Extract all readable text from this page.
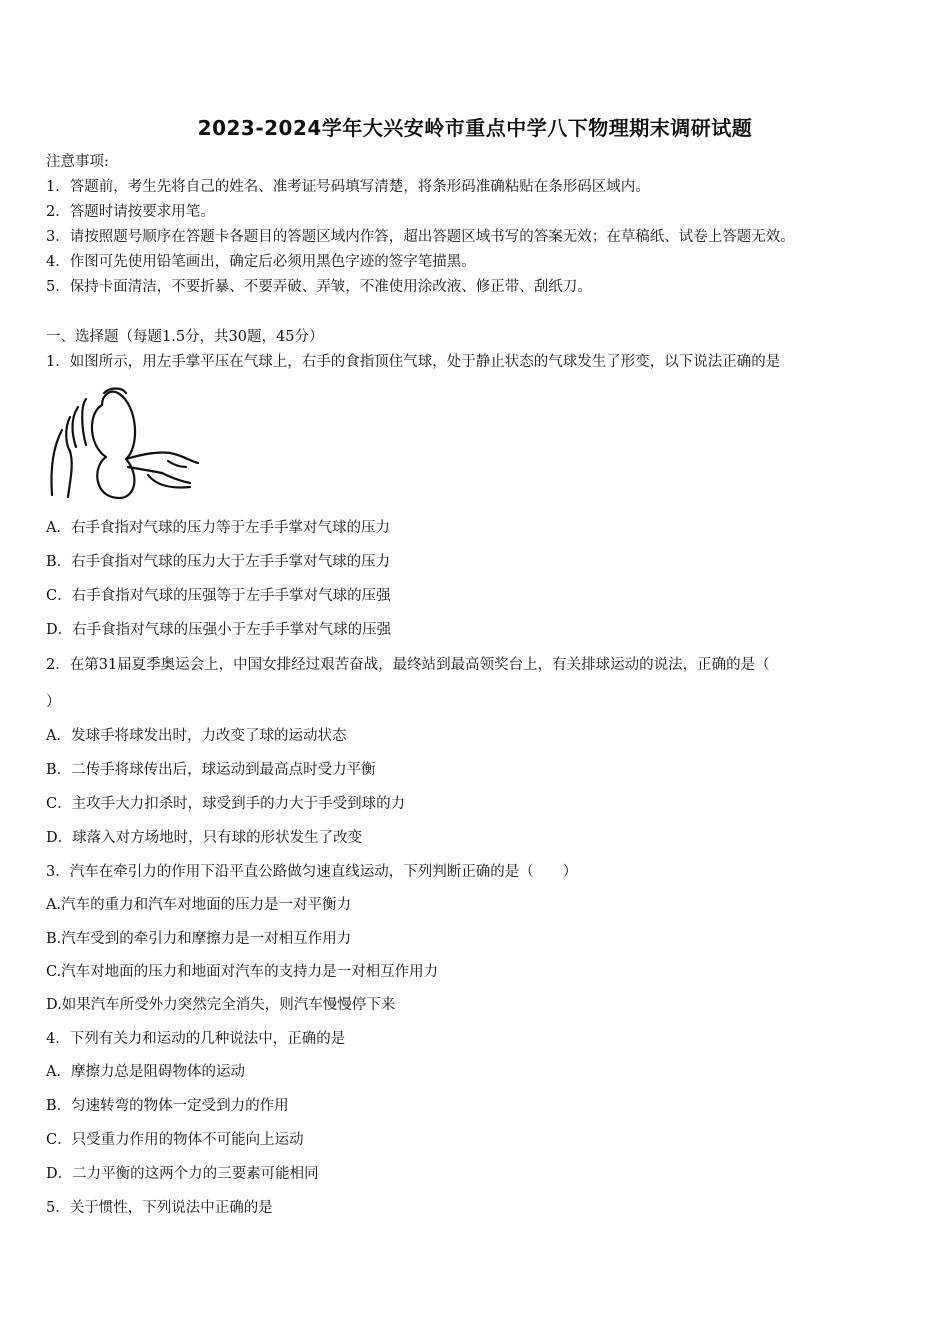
2023-2024学年大兴安岭市重点中学八下物理期末调研试题
注意事项:
1．答题前，考生先将自己的姓名、准考证号码填写清楚，将条形码准确粘贴在条形码区域内。
2．答题时请按要求用笔。
3．请按照题号顺序在答题卡各题目的答题区域内作答，超出答题区域书写的答案无效；在草稿纸、试卷上答题无效。
4．作图可先使用铅笔画出，确定后必须用黑色字迹的签字笔描黑。
5．保持卡面清洁，不要折暴、不要弄破、弄皱，不准使用涂改液、修正带、刮纸刀。
一、选择题（每题1.5分，共30题，45分）
1．如图所示，用左手掌平压在气球上，右手的食指顶住气球，处于静止状态的气球发生了形变，以下说法正确的是
A．右手食指对气球的压力等于左手手掌对气球的压力
B．右手食指对气球的压力大于左手手掌对气球的压力
C．右手食指对气球的压强等于左手手掌对气球的压强
D．右手食指对气球的压强小于左手手掌对气球的压强
2．在第31届夏季奥运会上，中国女排经过艰苦奋战，最终站到最高领奖台上，有关排球运动的说法，正确的是（
）
A．发球手将球发出时，力改变了球的运动状态
B．二传手将球传出后，球运动到最高点时受力平衡
C．主攻手大力扣杀时，球受到手的力大于手受到球的力
D．球落入对方场地时，只有球的形状发生了改变
3．汽车在牵引力的作用下沿平直公路做匀速直线运动，下列判断正确的是（　　）
A.汽车的重力和汽车对地面的压力是一对平衡力
B.汽车受到的牵引力和摩擦力是一对相互作用力
C.汽车对地面的压力和地面对汽车的支持力是一对相互作用力
D.如果汽车所受外力突然完全消失，则汽车慢慢停下来
4．下列有关力和运动的几种说法中，正确的是
A．摩擦力总是阻碍物体的运动
B．匀速转弯的物体一定受到力的作用
C．只受重力作用的物体不可能向上运动
D．二力平衡的这两个力的三要素可能相同
5．关于惯性，下列说法中正确的是
